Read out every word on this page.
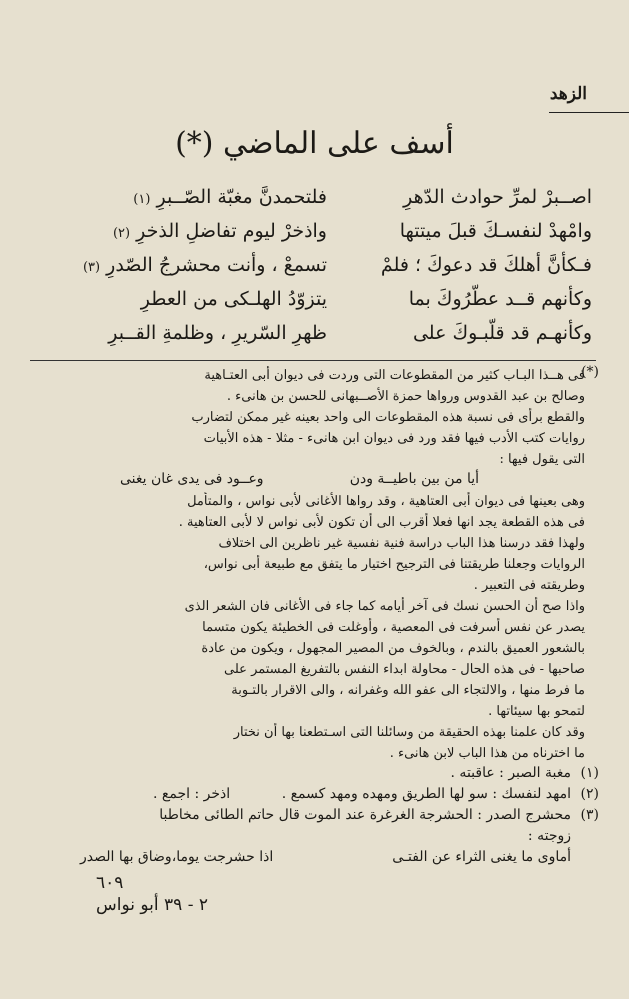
الزهد
أسف على الماضي (*)
اصــبرْ لمرِّ حوادث الدّهرِ
فلتحمدنَّ مغبّة الصّــبرِ (١)
وامْهدْ لنفسـكَ قبلَ ميتتها
واذخرْ ليوم تفاضلِ الذخرِ (٢)
فـكأنَّ أهلكَ قد دعوكَ ؛ فلمْ
تسمعْ ، وأنت محشرجُ الصّدرِ (٣)
وكأنهم قــد عطّرُوكَ بما
يتزوّدُ الهلـكى من العطرِ
وكأنهـم قد قلّبـوكَ على
ظهرِ السّريرِ ، وظلمةِ القــبرِ
(*)
فى هــذا البـاب كثير من المقطوعات التى وردت فى ديوان أبى العتـاهية
وصالح بن عبد القدوس ورواها حمزة الأصــبهانى للحسن بن هانىء .
والقطع برأى فى نسبة هذه المقطوعات الى واحد بعينه غير ممكن لتضارب
روايات كتب الأدب فيها فقد ورد فى ديوان ابن هانىء - مثلا - هذه الأبيات
التى يقول فيها :
أيا من بين باطيــة ودن
وعــود فى يدى غان يغنى
وهى بعينها فى ديوان أبى العتاهية ، وقد رواها الأغانى لأبى نواس ، والمتأمل
فى هذه القطعة يجد انها فعلا أقرب الى أن تكون لأبى نواس لا لأبى العتاهية .
ولهذا فقد درسنا هذا الباب دراسة فنية نفسية غير ناظرين الى اختلاف
الروايات وجعلنا طريقتنا فى الترجيح اختيار ما يتفق مع طبيعة أبى نواس،
وطريقته فى التعبير .
واذا صح أن الحسن نسك فى آخر أيامه كما جاء فى الأغانى فان الشعر الذى
يصدر عن نفس أسرفت فى المعصية ، وأوغلت فى الخطيئة يكون متسما
بالشعور العميق بالندم ، وبالخوف من المصير المجهول ، ويكون من عادة
صاحبها - فى هذه الحال - محاولة ابداء النفس بالتفريغ المستمر على
ما فرط منها ، والالتجاء الى عفو الله وغفرانه ، والى الاقرار بالتـوبة
لتمحو بها سيئاتها .
وقد كان علمنا بهذه الحقيقة من وسائلنا التى اسـتطعنا بها أن نختار
ما اخترناه من هذا الباب لابن هانىء .
(١)
مغبة الصبر : عاقبته .
(٢)
امهد لنفسك : سو لها الطريق ومهده ومهد كسمع .
اذخر : اجمع .
(٣)
محشرج الصدر : الحشرجة الغرغرة عند الموت قال حاتم الطائى مخاطبا
زوجته :
أماوى ما يغنى الثراء عن الفتـى
اذا حشرجت يوما،وضاق بها الصدر
٦٠٩
٢ - ٣٩ أبو نواس
